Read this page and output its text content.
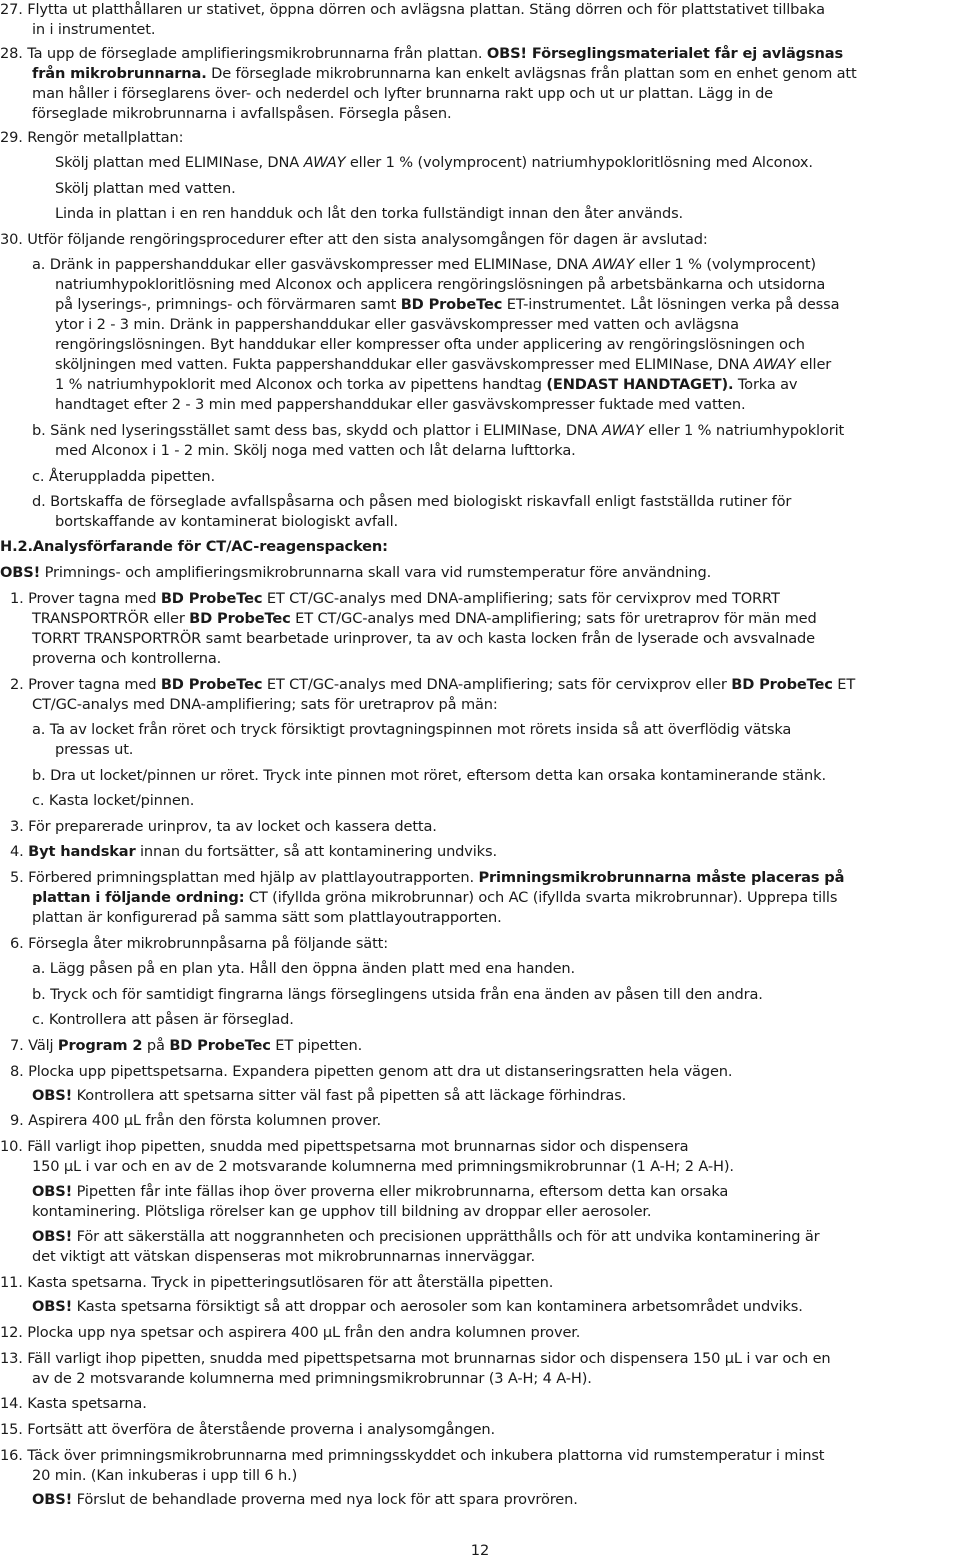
27. Flytta ut platthållaren ur stativet, öppna dörren och avlägsna plattan. Stäng dörren och för plattstativet tillbaka
in i instrumentet.
28. Ta upp de förseglade amplifieringsmikrobrunnarna från plattan. OBS! Förseglingsmaterialet får ej avlägsnas
från mikrobrunnarna. De förseglade mikrobrunnarna kan enkelt avlägsnas från plattan som en enhet genom att
man håller i förseglarens över- och nederdel och lyfter brunnarna rakt upp och ut ur plattan. Lägg in de
förseglade mikrobrunnarna i avfallspåsen. Försegla påsen.
29. Rengör metallplattan:
Skölj plattan med ELIMINase, DNA AWAY eller 1 % (volymprocent) natriumhypokloritlösning med Alconox.
Skölj plattan med vatten.
Linda in plattan i en ren handduk och låt den torka fullständigt innan den åter används.
30. Utför följande rengöringsprocedurer efter att den sista analysomgången för dagen är avslutad:
a. Dränk in pappershanddukar eller gasvävskompresser med ELIMINase, DNA AWAY eller 1 % (volymprocent)
natriumhypokloritlösning med Alconox och applicera rengöringslösningen på arbetsbänkarna och utsidorna
på lyserings-, primnings- och förvärmaren samt BD ProbeTec ET-instrumentet. Låt lösningen verka på dessa
ytor i 2 - 3 min. Dränk in pappershanddukar eller gasvävskompresser med vatten och avlägsna
rengöringslösningen. Byt handdukar eller kompresser ofta under applicering av rengöringslösningen och
sköljningen med vatten. Fukta pappershanddukar eller gasvävskompresser med ELIMINase, DNA AWAY eller
1 % natriumhypoklorit med Alconox och torka av pipettens handtag (ENDAST HANDTAGET). Torka av
handtaget efter 2 - 3 min med pappershanddukar eller gasvävskompresser fuktade med vatten.
b. Sänk ned lyseringsstället samt dess bas, skydd och plattor i ELIMINase, DNA AWAY eller 1 % natriumhypoklorit
med Alconox i 1 - 2 min. Skölj noga med vatten och låt delarna lufttorka.
c. Återuppladda pipetten.
d. Bortskaffa de förseglade avfallspåsarna och påsen med biologiskt riskavfall enligt fastställda rutiner för
bortskaffande av kontaminerat biologiskt avfall.
H.2.Analysförfarande för CT/AC-reagenspacken:
OBS! Primnings- och amplifieringsmikrobrunnarna skall vara vid rumstemperatur före användning.
1. Prover tagna med BD ProbeTec ET CT/GC-analys med DNA-amplifiering; sats för cervixprov med TORRT
TRANSPORTRÖR eller BD ProbeTec ET CT/GC-analys med DNA-amplifiering; sats för uretraprov för män med
TORRT TRANSPORTRÖR samt bearbetade urinprover, ta av och kasta locken från de lyserade och avsvalnade
proverna och kontrollerna.
2. Prover tagna med BD ProbeTec ET CT/GC-analys med DNA-amplifiering; sats för cervixprov eller BD ProbeTec ET
CT/GC-analys med DNA-amplifiering; sats för uretraprov på män:
a. Ta av locket från röret och tryck försiktigt provtagningspinnen mot rörets insida så att överflödig vätska
pressas ut.
b. Dra ut locket/pinnen ur röret. Tryck inte pinnen mot röret, eftersom detta kan orsaka kontaminerande stänk.
c. Kasta locket/pinnen.
3. För preparerade urinprov, ta av locket och kassera detta.
4. Byt handskar innan du fortsätter, så att kontaminering undviks.
5. Förbered primningsplattan med hjälp av plattlayoutrapporten. Primningsmikrobrunnarna måste placeras på
plattan i följande ordning: CT (ifyllda gröna mikrobrunnar) och AC (ifyllda svarta mikrobrunnar). Upprepa tills
plattan är konfigurerad på samma sätt som plattlayoutrapporten.
6. Försegla åter mikrobrunnpåsarna på följande sätt:
a. Lägg påsen på en plan yta. Håll den öppna änden platt med ena handen.
b. Tryck och för samtidigt fingrarna längs förseglingens utsida från ena änden av påsen till den andra.
c. Kontrollera att påsen är förseglad.
7. Välj Program 2 på BD ProbeTec ET pipetten.
8. Plocka upp pipettspetsarna. Expandera pipetten genom att dra ut distanseringsratten hela vägen.
OBS! Kontrollera att spetsarna sitter väl fast på pipetten så att läckage förhindras.
9. Aspirera 400 µL från den första kolumnen prover.
10. Fäll varligt ihop pipetten, snudda med pipettspetsarna mot brunnarnas sidor och dispensera
150 µL i var och en av de 2 motsvarande kolumnerna med primningsmikrobrunnar (1 A-H; 2 A-H).
OBS! Pipetten får inte fällas ihop över proverna eller mikrobrunnarna, eftersom detta kan orsaka
kontaminering. Plötsliga rörelser kan ge upphov till bildning av droppar eller aerosoler.
OBS! För att säkerställa att noggrannheten och precisionen upprätthålls och för att undvika kontaminering är
det viktigt att vätskan dispenseras mot mikrobrunnarnas innerväggar.
11. Kasta spetsarna. Tryck in pipetteringsutlösaren för att återställa pipetten.
OBS! Kasta spetsarna försiktigt så att droppar och aerosoler som kan kontaminera arbetsområdet undviks.
12. Plocka upp nya spetsar och aspirera 400 µL från den andra kolumnen prover.
13. Fäll varligt ihop pipetten, snudda med pipettspetsarna mot brunnarnas sidor och dispensera 150 µL i var och en
av de 2 motsvarande kolumnerna med primningsmikrobrunnar (3 A-H; 4 A-H).
14. Kasta spetsarna.
15. Fortsätt att överföra de återstående proverna i analysomgången.
16. Täck över primningsmikrobrunnarna med primningsskyddet och inkubera plattorna vid rumstemperatur i minst
20 min. (Kan inkuberas i upp till 6 h.)
OBS! Förslut de behandlade proverna med nya lock för att spara provrören.
12
